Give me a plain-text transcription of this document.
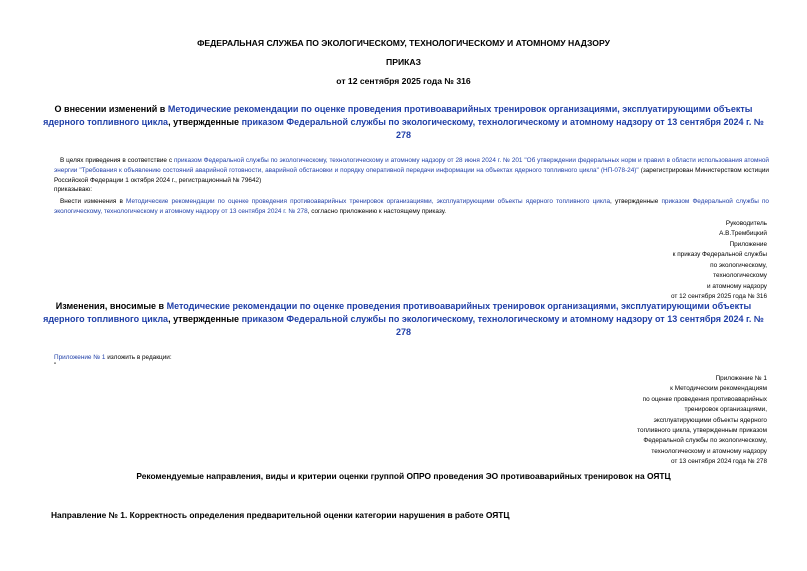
ФЕДЕРАЛЬНАЯ СЛУЖБА ПО ЭКОЛОГИЧЕСКОМУ, ТЕХНОЛОГИЧЕСКОМУ И АТОМНОМУ НАДЗОРУ
ПРИКАЗ
от 12 сентября 2025 года № 316
О внесении изменений в Методические рекомендации по оценке проведения противоаварийных тренировок организациями, эксплуатирующими объекты ядерного топливного цикла, утвержденные приказом Федеральной службы по экологическому, технологическому и атомному надзору от 13 сентября 2024 г. № 278
В целях приведения в соответствие с приказом Федеральной службы по экологическому, технологическому и атомному надзору от 28 июня 2024 г. № 201 "Об утверждении федеральных норм и правил в области использования атомной энергии "Требования к объявлению состояний аварийной готовности, аварийной обстановки и порядку оперативной передачи информации на объектах ядерного топливного цикла" (НП-078-24)" (зарегистрирован Министерством юстиции Российской Федерации 1 октября 2024 г., регистрационный № 79642)
приказываю:
Внести изменения в Методические рекомендации по оценке проведения противоаварийных тренировок организациями, эксплуатирующими объекты ядерного топливного цикла, утвержденные приказом Федеральной службы по экологическому, технологическому и атомному надзору от 13 сентября 2024 г. № 278, согласно приложению к настоящему приказу.
Руководитель
А.В.Трембицкий
Приложение
к приказу Федеральной службы
по экологическому,
технологическому
и атомному надзору
от 12 сентября 2025 года № 316
Изменения, вносимые в Методические рекомендации по оценке проведения противоаварийных тренировок организациями, эксплуатирующими объекты ядерного топливного цикла, утвержденные приказом Федеральной службы по экологическому, технологическому и атомному надзору от 13 сентября 2024 г. № 278
Приложение № 1 изложить в редакции:
"
Приложение № 1
к Методическим рекомендациям
по оценке проведения противоаварийных
тренировок организациями,
эксплуатирующими объекты ядерного
топливного цикла, утвержденным приказом
Федеральной службы по экологическому,
технологическому и атомному надзору
от 13 сентября 2024 года № 278
Рекомендуемые направления, виды и критерии оценки группой ОПРО проведения ЭО противоаварийных тренировок на ОЯТЦ
Направление № 1. Корректность определения предварительной оценки категории нарушения в работе ОЯТЦ
